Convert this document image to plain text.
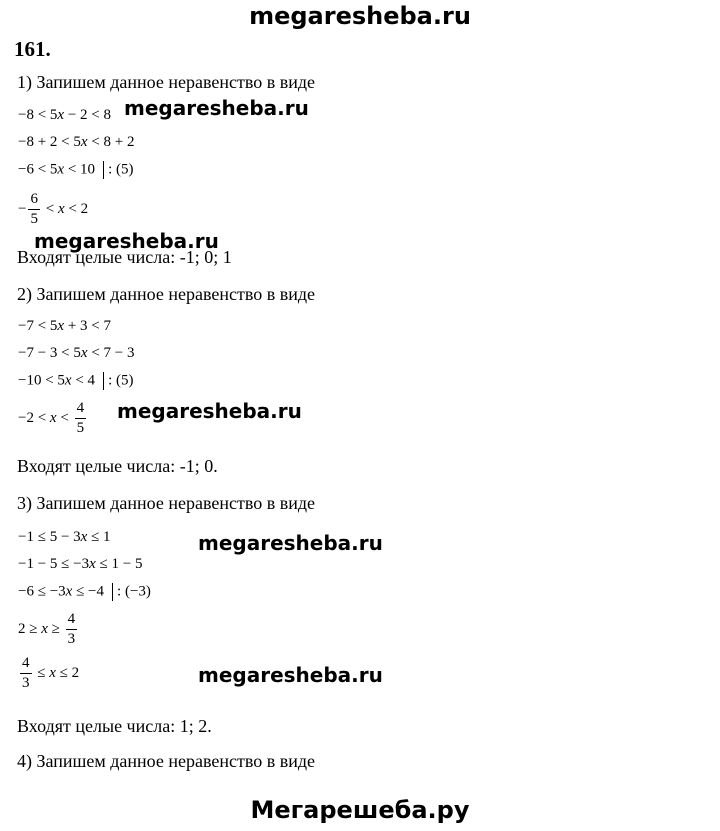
megaresheba.ru
161.
1) Запишем данное неравенство в виде
−8 < 5x − 2 < 8
−8 + 2 < 5x < 8 + 2
−6 < 5x < 10 : (5)
− $\frac{6}{5} < x < 2$
megaresheba.ru
megaresheba.ru
Входят целые числа: -1; 0; 1
2) Запишем данное неравенство в виде
−7 < 5x + 3 < 7
−7 − 3 < 5x < 7 − 3
−10 < 5x < 4 : (5)
$-2 < x < \frac{4}{5}$ megaresheba.ru
Входят целые числа: -1; 0.
3) Запишем данное неравенство в виде
−1 ≤ 5 − 3x ≤ 1
−1 − 5 ≤ −3x ≤ 1 − 5
−6 ≤ −3x ≤ −4 : (−3)
$2 \ge x \ge \frac{4}{3}$
$\frac{4}{3} \le x \le 2$
megaresheba.ru
megaresheba.ru
Входят целые числа: 1; 2.
4) Запишем данное неравенство в виде
Мегарешеба.ру
